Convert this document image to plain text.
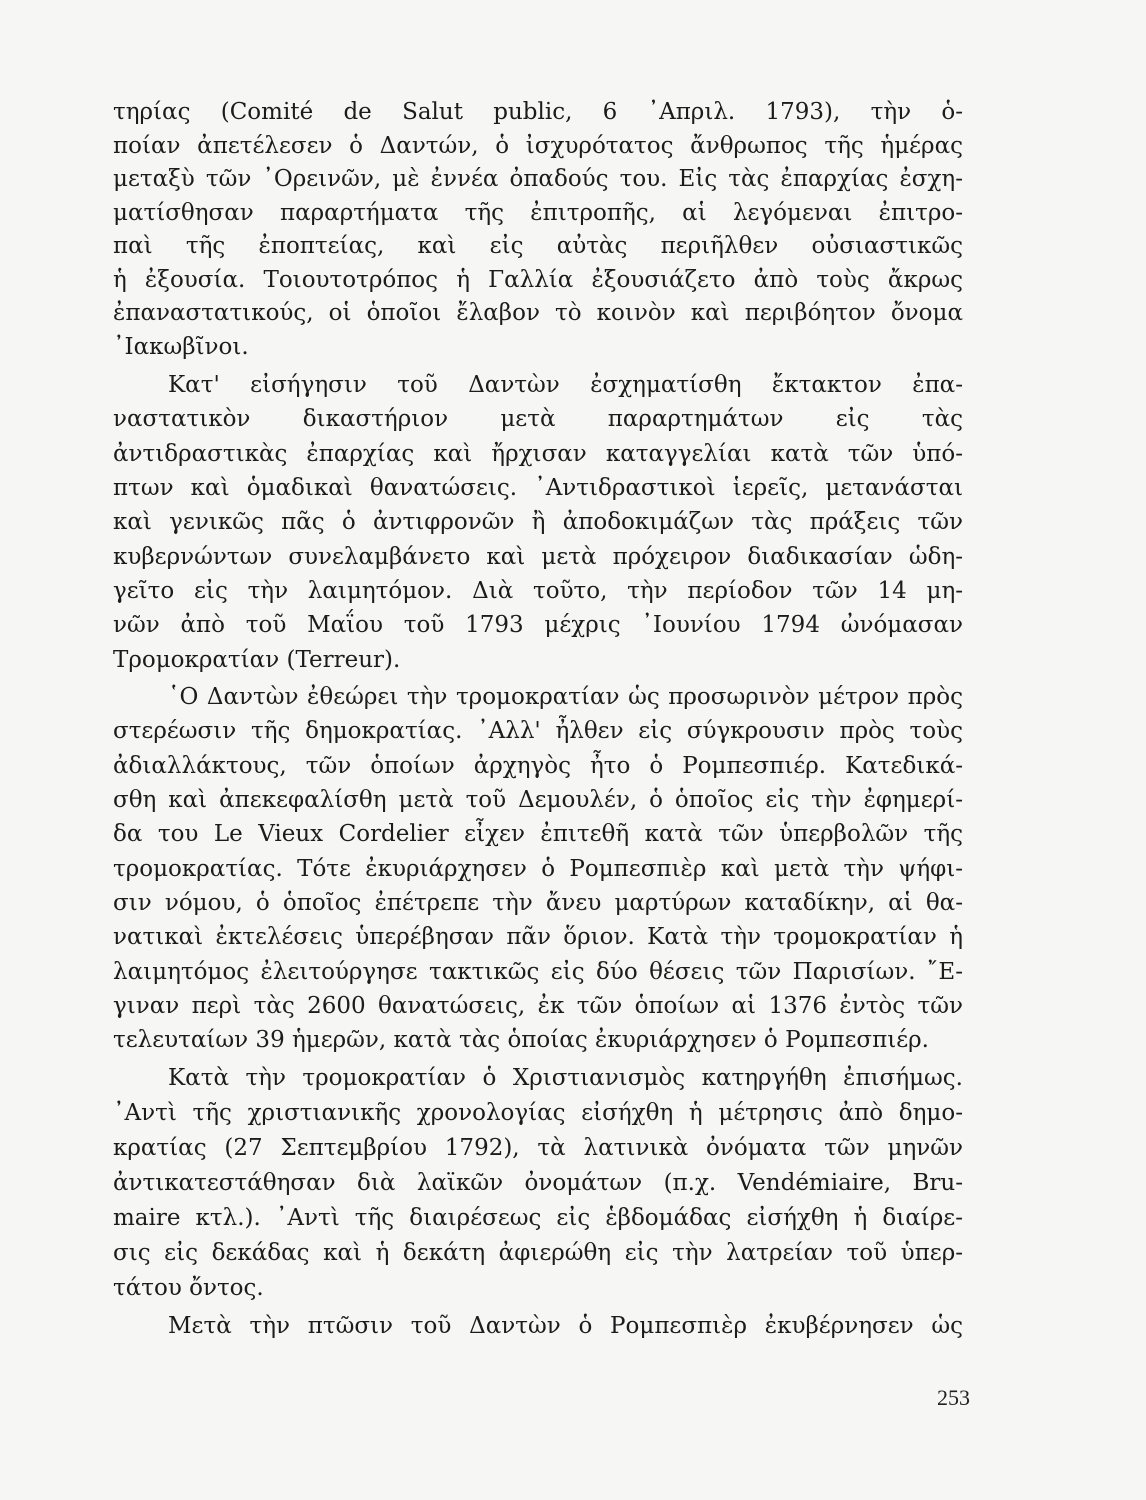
τηρίας (Comité de Salut public, 6 ᾿Απριλ. 1793), τὴν ὁ-
ποίαν ἀπετέλεσεν ὁ Δαντών, ὁ ἰσχυρότατος ἄνθρωπος τῆς ἡμέρας
μεταξὺ τῶν ᾿Ορεινῶν, μὲ ἐννέα ὀπαδούς του. Εἰς τὰς ἐπαρχίας ἐσχη-
ματίσθησαν παραρτήματα τῆς ἐπιτροπῆς, αἱ λεγόμεναι ἐπιτρο-
παὶ τῆς ἐποπτείας, καὶ εἰς αὐτὰς περιῆλθεν οὐσιαστικῶς
ἡ ἐξουσία. Τοιουτοτρόπος ἡ Γαλλία ἐξουσιάζετο ἀπὸ τοὺς ἄκρως
ἐπαναστατικούς, οἱ ὁποῖοι ἔλαβον τὸ κοινὸν καὶ περιβόητον ὄνομα
᾿Ιακωβῖνοι.
Κατ' εἰσήγησιν τοῦ Δαντὼν ἐσχηματίσθη ἔκτακτον ἐπα-
ναστατικὸν δικαστήριον μετὰ παραρτημάτων εἰς τὰς
ἀντιδραστικὰς ἐπαρχίας καὶ ἤρχισαν καταγγελίαι κατὰ τῶν ὑπό-
πτων καὶ ὁμαδικαὶ θανατώσεις. ᾿Αντιδραστικοὶ ἱερεῖς, μετανάσται
καὶ γενικῶς πᾶς ὁ ἀντιφρονῶν ἢ ἀποδοκιμάζων τὰς πράξεις τῶν
κυβερνώντων συνελαμβάνετο καὶ μετὰ πρόχειρον διαδικασίαν ὡδη-
γεῖτο εἰς τὴν λαιμητόμον. Διὰ τοῦτο, τὴν περίοδον τῶν 14 μη-
νῶν ἀπὸ τοῦ Μαΐου τοῦ 1793 μέχρις ᾿Ιουνίου 1794 ὠνόμασαν
Τρομοκρατίαν (Terreur).
῾Ο Δαντὼν ἐθεώρει τὴν τρομοκρατίαν ὡς προσωρινὸν μέτρον πρὸς
στερέωσιν τῆς δημοκρατίας. ᾿Αλλ' ἦλθεν εἰς σύγκρουσιν πρὸς τοὺς
ἀδιαλλάκτους, τῶν ὁποίων ἀρχηγὸς ἦτο ὁ Ρομπεσπιέρ. Κατεδικά-
σθη καὶ ἀπεκεφαλίσθη μετὰ τοῦ Δεμουλέν, ὁ ὁποῖος εἰς τὴν ἐφημερί-
δα του Le Vieux Cordelier εἶχεν ἐπιτεθῆ κατὰ τῶν ὑπερβολῶν τῆς
τρομοκρατίας. Τότε ἐκυριάρχησεν ὁ Ρομπεσπιὲρ καὶ μετὰ τὴν ψήφι-
σιν νόμου, ὁ ὁποῖος ἐπέτρεπε τὴν ἄνευ μαρτύρων καταδίκην, αἱ θα-
νατικαὶ ἐκτελέσεις ὑπερέβησαν πᾶν ὅριον. Κατὰ τὴν τρομοκρατίαν ἡ
λαιμητόμος ἐλειτούργησε τακτικῶς εἰς δύο θέσεις τῶν Παρισίων. ῎Ε-
γιναν περὶ τὰς 2600 θανατώσεις, ἐκ τῶν ὁποίων αἱ 1376 ἐντὸς τῶν
τελευταίων 39 ἡμερῶν, κατὰ τὰς ὁποίας ἐκυριάρχησεν ὁ Ρομπεσπιέρ.
Κατὰ τὴν τρομοκρατίαν ὁ Χριστιανισμὸς κατηργήθη ἐπισήμως.
᾿Αντὶ τῆς χριστιανικῆς χρονολογίας εἰσήχθη ἡ μέτρησις ἀπὸ δημο-
κρατίας (27 Σεπτεμβρίου 1792), τὰ λατινικὰ ὀνόματα τῶν μηνῶν
ἀντικατεστάθησαν διὰ λαϊκῶν ὀνομάτων (π.χ. Vendémiaire, Bru-
maire κτλ.). ᾿Αντὶ τῆς διαιρέσεως εἰς ἑβδομάδας εἰσήχθη ἡ διαίρε-
σις εἰς δεκάδας καὶ ἡ δεκάτη ἀφιερώθη εἰς τὴν λατρείαν τοῦ ὑπερ-
τάτου ὄντος.
Μετὰ τὴν πτῶσιν τοῦ Δαντὼν ὁ Ρομπεσπιὲρ ἐκυβέρνησεν ὡς
253
